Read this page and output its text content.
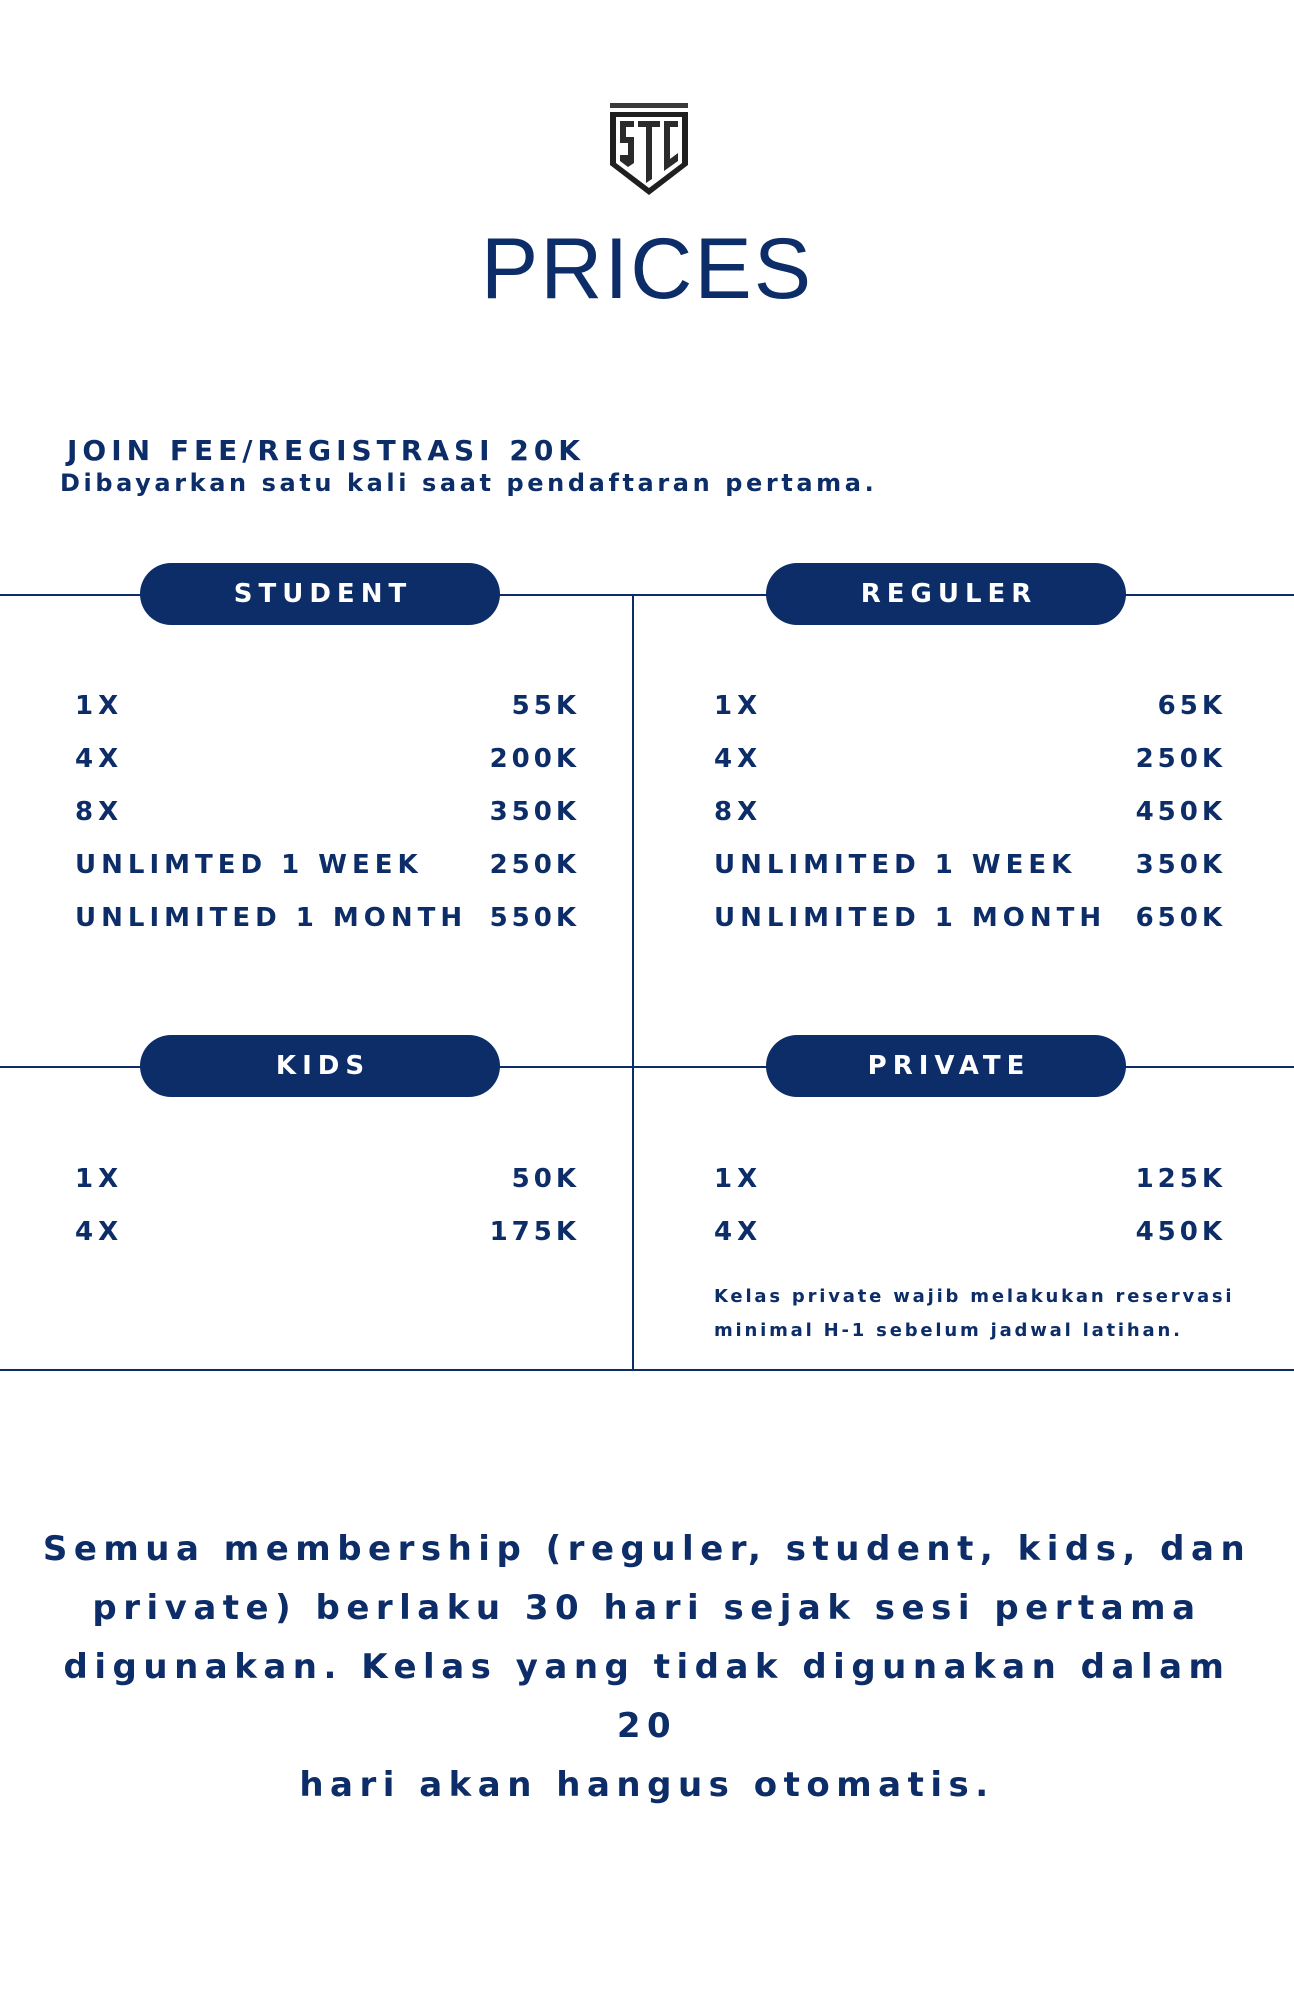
PRICES
JOIN FEE/REGISTRASI 20K
Dibayarkan satu kali saat pendaftaran pertama.
STUDENT	REGULER
KIDS	PRIVATE
1X	55K
4X	200K
8X	350K
UNLIMTED 1 WEEK	250K
UNLIMITED 1 MONTH 550K
1X	65K
4X	250K
8X	450K
UNLIMITED 1 WEEK 350K
UNLIMITED 1 MONTH 650K
1X	50K
4X	175K
1X	125K
4X	450K
Kelas private wajib melakukan reservasi
minimal H-1 sebelum jadwal latihan.
Semua membership (reguler, student, kids, dan
private) berlaku 30 hari sejak sesi pertama
digunakan. Kelas yang tidak digunakan dalam 20
hari akan hangus otomatis.
